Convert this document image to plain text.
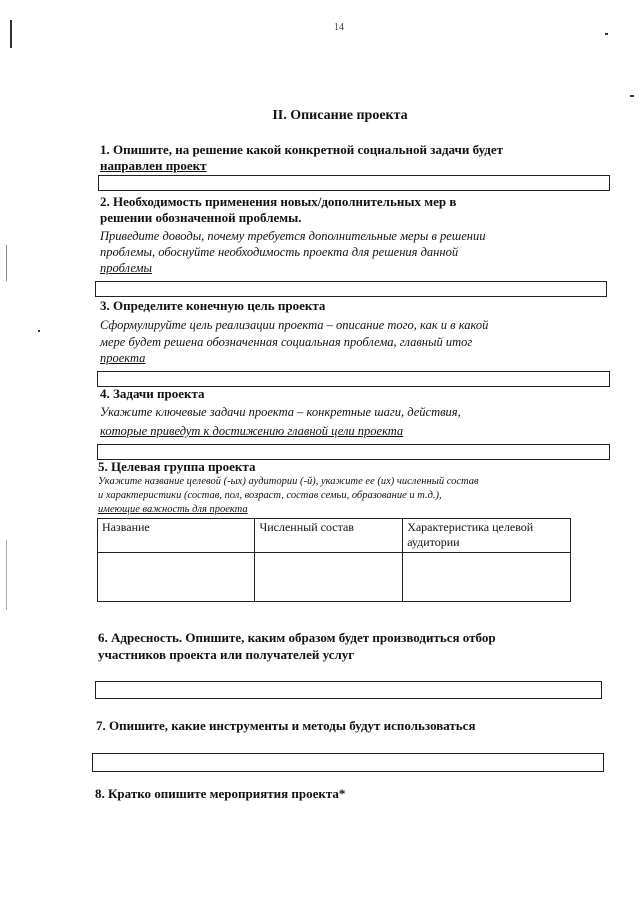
14
II. Описание проекта
1. Опишите, на решение какой конкретной социальной задачи будет
направлен проект
2. Необходимость применения новых/дополнительных мер в
решении обозначенной проблемы.
Приведите доводы, почему требуется дополнительные меры в решении
проблемы, обоснуйте необходимость проекта для решения данной
проблемы
3. Определите конечную цель проекта
Сформулируйте цель реализации проекта – описание того, как и в какой
мере будет решена обозначенная социальная проблема, главный итог
проекта
4. Задачи проекта
Укажите ключевые задачи проекта – конкретные шаги, действия,
которые приведут к достижению главной цели проекта
5. Целевая группа проекта
Укажите название целевой (-ых) аудитории (-й), укажите ее (их) численный состав
и характеристики (состав, пол, возраст, состав семьи, образование и т.д.),
имеющие важность для проекта
Название	Численный состав	Характеристика целевой аудитории

6. Адресность. Опишите, каким образом будет производиться отбор
участников проекта или получателей услуг
7. Опишите, какие инструменты и методы будут использоваться
8. Кратко опишите мероприятия проекта*
